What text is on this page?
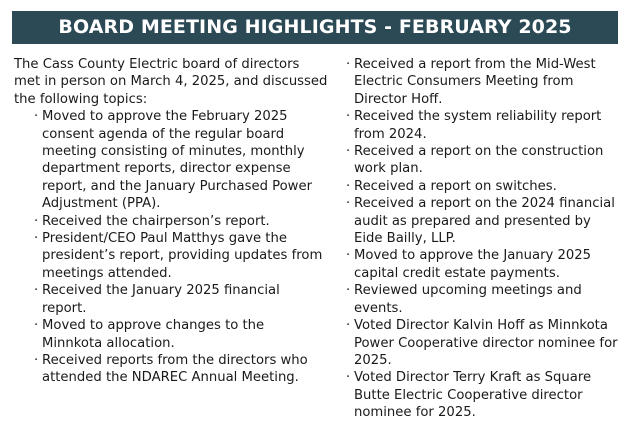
BOARD MEETING HIGHLIGHTS - FEBRUARY 2025

The Cass County Electric board of directors met in person on March 4, 2025, and discussed the following topics:

· Moved to approve the February 2025 consent agenda of the regular board meeting consisting of minutes, monthly department reports, director expense report, and the January Purchased Power Adjustment (PPA).
· Received the chairperson’s report.
· President/CEO Paul Matthys gave the president’s report, providing updates from meetings attended.
· Received the January 2025 financial report.
· Moved to approve changes to the Minnkota allocation.
· Received reports from the directors who attended the NDAREC Annual Meeting.
· Received a report from the Mid-West Electric Consumers Meeting from Director Hoff.
· Received the system reliability report from 2024.
· Received a report on the construction work plan.
· Received a report on switches.
· Received a report on the 2024 financial audit as prepared and presented by Eide Bailly, LLP.
· Moved to approve the January 2025 capital credit estate payments.
· Reviewed upcoming meetings and events.
· Voted Director Kalvin Hoff as Minnkota Power Cooperative director nominee for 2025.
· Voted Director Terry Kraft as Square Butte Electric Cooperative director nominee for 2025.
